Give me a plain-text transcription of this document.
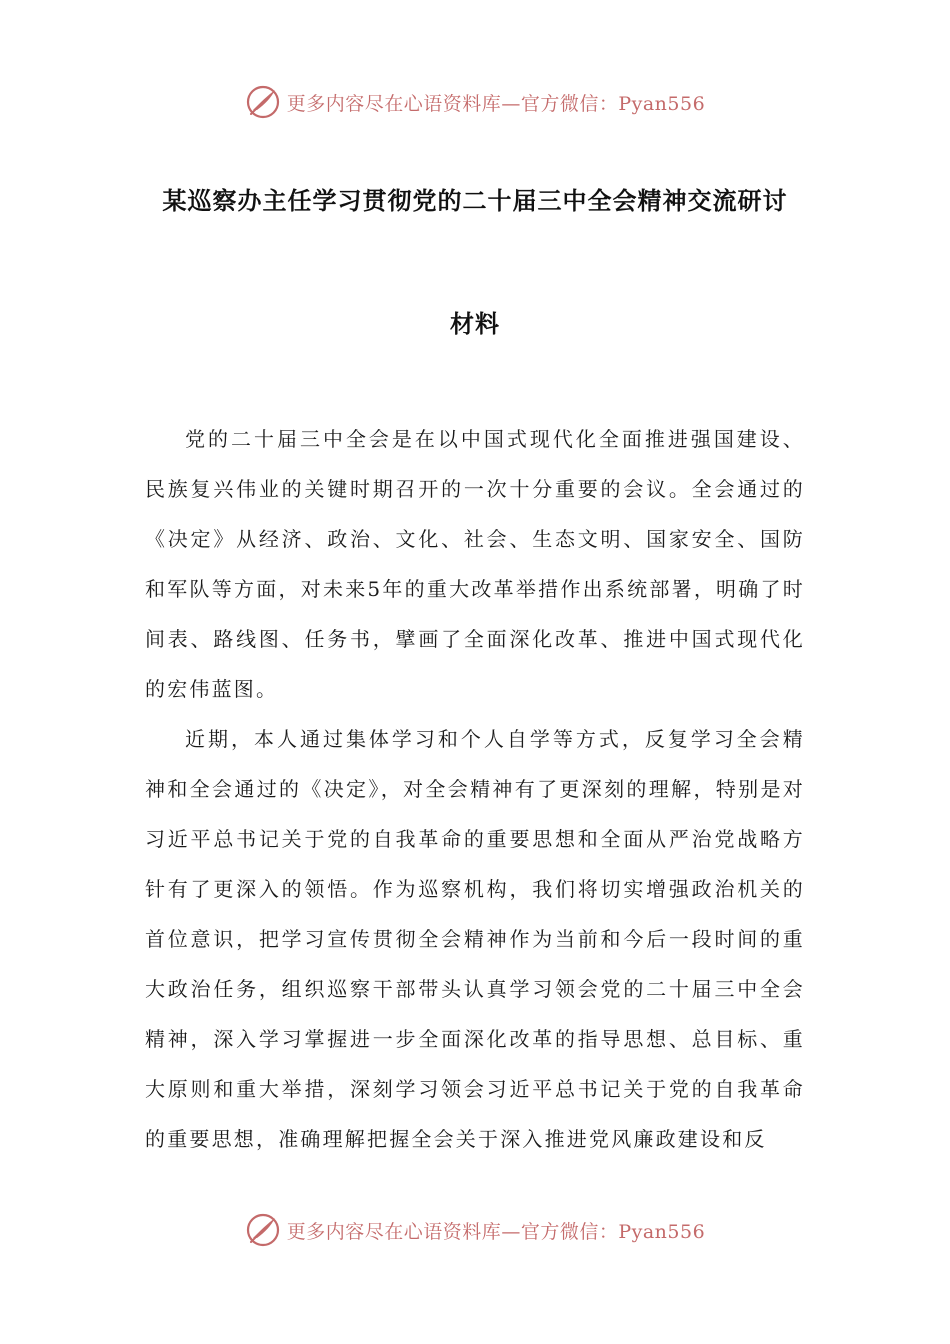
更多内容尽在心语资料库—官方微信：Pyan556
某巡察办主任学习贯彻党的二十届三中全会精神交流研讨
材料

党的二十届三中全会是在以中国式现代化全面推进强国建设、民族复兴伟业的关键时期召开的一次十分重要的会议。全会通过的《决定》从经济、政治、文化、社会、生态文明、国家安全、国防和军队等方面，对未来5年的重大改革举措作出系统部署，明确了时间表、路线图、任务书，擘画了全面深化改革、推进中国式现代化的宏伟蓝图。

近期，本人通过集体学习和个人自学等方式，反复学习全会精神和全会通过的《决定》，对全会精神有了更深刻的理解，特别是对习近平总书记关于党的自我革命的重要思想和全面从严治党战略方针有了更深入的领悟。作为巡察机构，我们将切实增强政治机关的首位意识，把学习宣传贯彻全会精神作为当前和今后一段时间的重大政治任务，组织巡察干部带头认真学习领会党的二十届三中全会精神，深入学习掌握进一步全面深化改革的指导思想、总目标、重大原则和重大举措，深刻学习领会习近平总书记关于党的自我革命的重要思想，准确理解把握全会关于深入推进党风廉政建设和反

更多内容尽在心语资料库—官方微信：Pyan556
